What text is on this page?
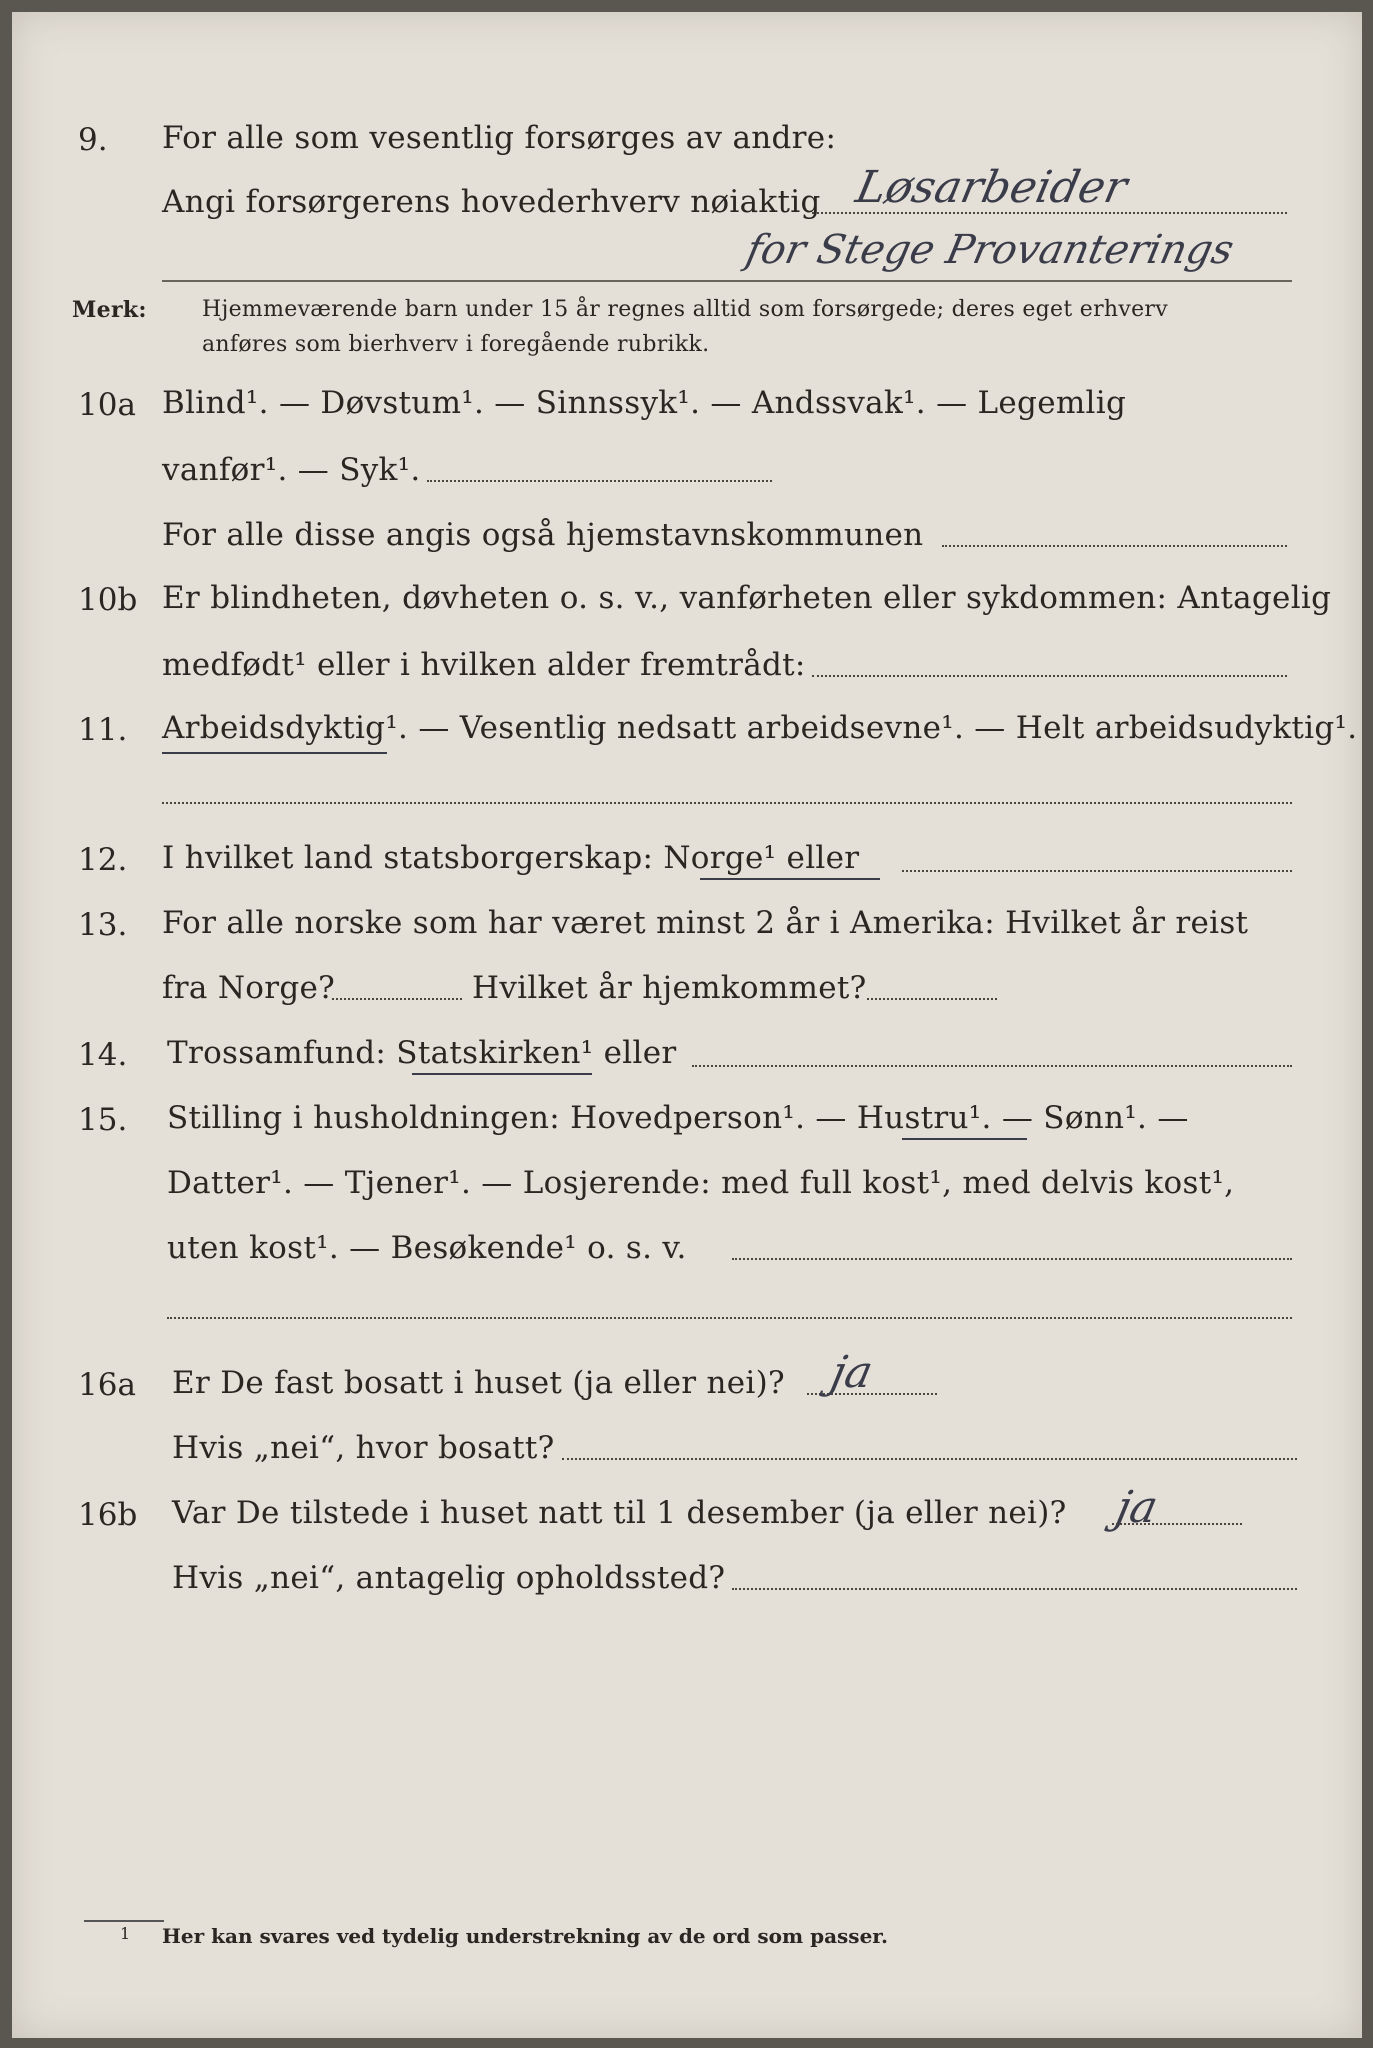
9. For alle som vesentlig forsørges av andre:
Angi forsørgerens hovederhverv nøiaktig Løsarbeider
for Stege Provanterings
Merk:	Hjemmeværende barn under 15 år regnes alltid som forsørgede; deres eget erhverv
anføres som bierhverv i foregående rubrikk.
10a Blind¹. — Døvstum¹. — Sinnssyk¹. — Andssvak¹. — Legemlig
vanfør¹. — Syk¹.
For alle disse angis også hjemstavnskommunen
10b Er blindheten, døvheten o. s. v., vanførheten eller sykdommen: Antagelig
medfødt¹ eller i hvilken alder fremtrådt:
11. Arbeidsdyktig¹. — Vesentlig nedsatt arbeidsevne¹. — Helt arbeidsudyktig¹.
12. I hvilket land statsborgerskap: Norge¹ eller
13. For alle norske som har været minst 2 år i Amerika: Hvilket år reist
fra Norge?	Hvilket år hjemkommet?
14. Trossamfund: Statskirken¹ eller
15. Stilling i husholdningen: Hovedperson¹. — Hustru¹. — Sønn¹. —
Datter¹. — Tjener¹. — Losjerende: med full kost¹, med delvis kost¹,
uten kost¹. — Besøkende¹ o. s. v.
16a Er De fast bosatt i huset (ja eller nei)? ja
Hvis „nei“, hvor bosatt?
16b Var De tilstede i huset natt til 1 desember (ja eller nei)? ja
Hvis „nei“, antagelig opholdssted?
1 Her kan svares ved tydelig understrekning av de ord som passer.
